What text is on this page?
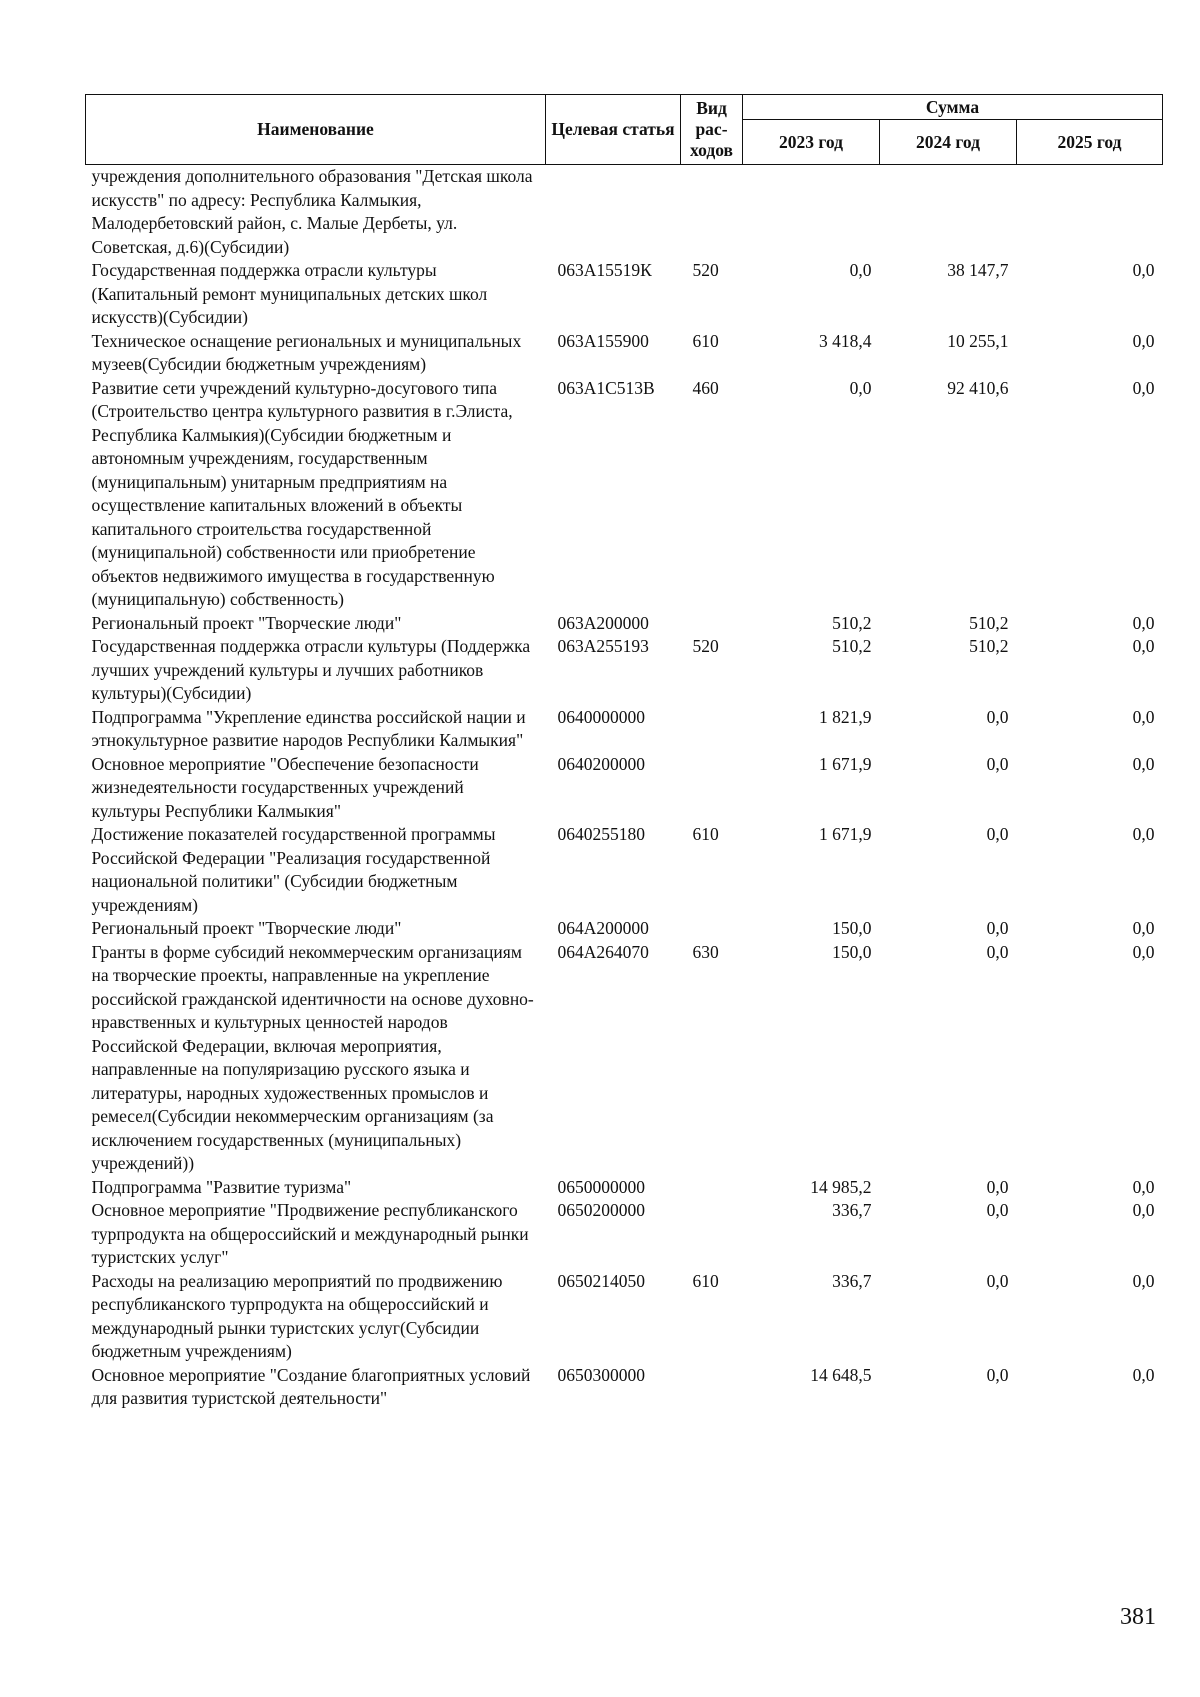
Наименование	Целевая статья	Вид рас-ходов	Сумма		
			2023 год	2024 год	2025 год
учреждения дополнительного образования "Детская школа искусств" по адресу: Республика Калмыкия, Малодербетовский район, с. Малые Дербеты, ул. Советская, д.6)(Субсидии)					
Государственная поддержка отрасли культуры (Капитальный ремонт муниципальных детских школ искусств)(Субсидии)	063А15519К	520	0,0	38 147,7	0,0
Техническое оснащение региональных и муниципальных музеев(Субсидии бюджетным учреждениям)	063А155900	610	3 418,4	10 255,1	0,0
Развитие сети учреждений культурно-досугового типа (Строительство центра культурного развития в г.Элиста, Республика Калмыкия)(Субсидии бюджетным и автономным учреждениям, государственным (муниципальным) унитарным предприятиям на осуществление капитальных вложений в объекты капитального строительства государственной (муниципальной) собственности или приобретение объектов недвижимого имущества в государственную (муниципальную) собственность)	063А1С513В	460	0,0	92 410,6	0,0
Региональный проект "Творческие люди"	063А200000		510,2	510,2	0,0
Государственная поддержка отрасли культуры (Поддержка лучших учреждений культуры и лучших работников культуры)(Субсидии)	063А255193	520	510,2	510,2	0,0
Подпрограмма "Укрепление единства российской нации и этнокультурное развитие народов Республики Калмыкия"	0640000000		1 821,9	0,0	0,0
Основное мероприятие "Обеспечение безопасности жизнедеятельности государственных учреждений культуры Республики Калмыкия"	0640200000		1 671,9	0,0	0,0
Достижение показателей государственной программы Российской Федерации "Реализация государственной национальной политики" (Субсидии бюджетным учреждениям)	0640255180	610	1 671,9	0,0	0,0
Региональный проект "Творческие люди"	064А200000		150,0	0,0	0,0
Гранты в форме субсидий некоммерческим организациям на творческие проекты, направленные на укрепление российской гражданской идентичности на основе духовно-нравственных и культурных ценностей народов Российской Федерации, включая мероприятия, направленные на популяризацию русского языка и литературы, народных художественных промыслов и ремесел(Субсидии некоммерческим организациям (за исключением государственных (муниципальных) учреждений))	064А264070	630	150,0	0,0	0,0
Подпрограмма "Развитие туризма"	0650000000		14 985,2	0,0	0,0
Основное мероприятие "Продвижение республиканского турпродукта на общероссийский и международный рынки туристских услуг"	0650200000		336,7	0,0	0,0
Расходы на реализацию мероприятий по продвижению республиканского турпродукта на общероссийский и международный рынки туристских услуг(Субсидии бюджетным учреждениям)	0650214050	610	336,7	0,0	0,0
Основное мероприятие "Создание благоприятных условий для развития туристской деятельности"	0650300000		14 648,5	0,0	0,0
381
